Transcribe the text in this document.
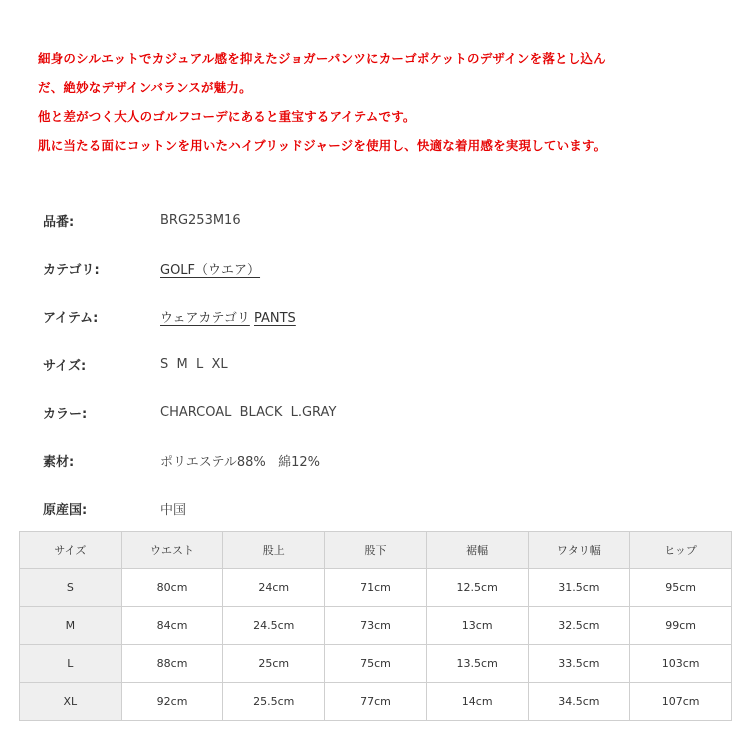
細身のシルエットでカジュアル感を抑えたジョガーパンツにカーゴポケットのデザインを落とし込ん
だ、絶妙なデザインバランスが魅力。
他と差がつく大人のゴルフコーデにあると重宝するアイテムです。
肌に当たる面にコットンを用いたハイブリッドジャージを使用し、快適な着用感を実現しています。
品番:	BRG253M16
カテゴリ:	GOLF（ウエア）
アイテム:	ウェアカテゴリ PANTS
サイズ:	S  M  L  XL
カラー:	CHARCOAL  BLACK  L.GRAY
素材:	ポリエステル88%   綿12%
原産国:	中国
サイズ	ウエスト	股上	股下	裾幅	ワタリ幅	ヒップ
S	80cm	24cm	71cm	12.5cm	31.5cm	95cm
M	84cm	24.5cm	73cm	13cm	32.5cm	99cm
L	88cm	25cm	75cm	13.5cm	33.5cm	103cm
XL	92cm	25.5cm	77cm	14cm	34.5cm	107cm
